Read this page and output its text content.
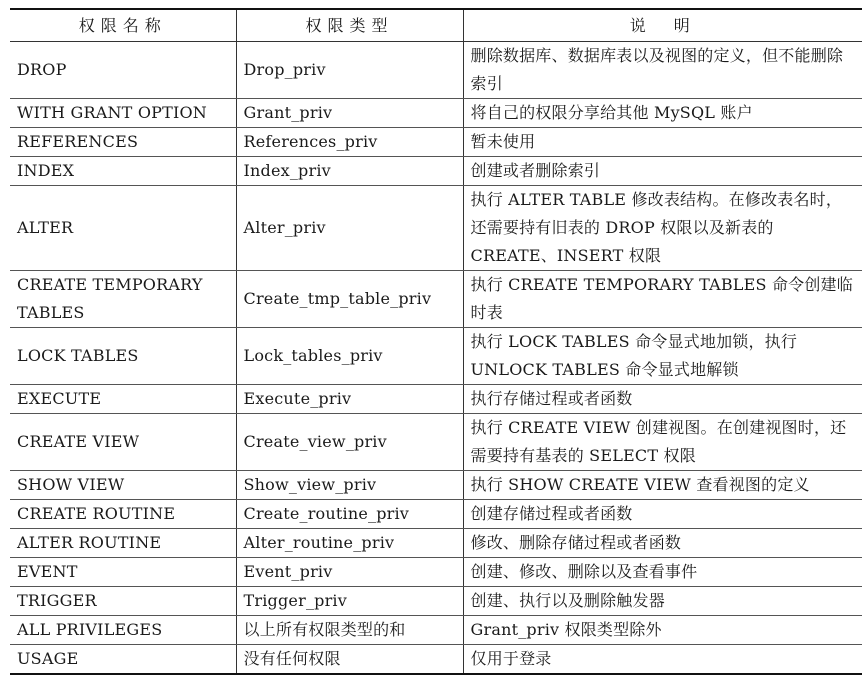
权限名称	权限类型	说　明
DROP	Drop_priv	删除数据库、数据库表以及视图的定义，但不能删除索引
WITH GRANT OPTION	Grant_priv	将自己的权限分享给其他 MySQL 账户
REFERENCES	References_priv	暂未使用
INDEX	Index_priv	创建或者删除索引
ALTER	Alter_priv	执行 ALTER TABLE 修改表结构。在修改表名时，还需要持有旧表的 DROP 权限以及新表的 CREATE、INSERT 权限
CREATE TEMPORARY TABLES	Create_tmp_table_priv	执行 CREATE TEMPORARY TABLES 命令创建临时表
LOCK TABLES	Lock_tables_priv	执行 LOCK TABLES 命令显式地加锁，执行 UNLOCK TABLES 命令显式地解锁
EXECUTE	Execute_priv	执行存储过程或者函数
CREATE VIEW	Create_view_priv	执行 CREATE VIEW 创建视图。在创建视图时，还需要持有基表的 SELECT 权限
SHOW VIEW	Show_view_priv	执行 SHOW CREATE VIEW 查看视图的定义
CREATE ROUTINE	Create_routine_priv	创建存储过程或者函数
ALTER ROUTINE	Alter_routine_priv	修改、删除存储过程或者函数
EVENT	Event_priv	创建、修改、删除以及查看事件
TRIGGER	Trigger_priv	创建、执行以及删除触发器
ALL PRIVILEGES	以上所有权限类型的和	Grant_priv 权限类型除外
USAGE	没有任何权限	仅用于登录
